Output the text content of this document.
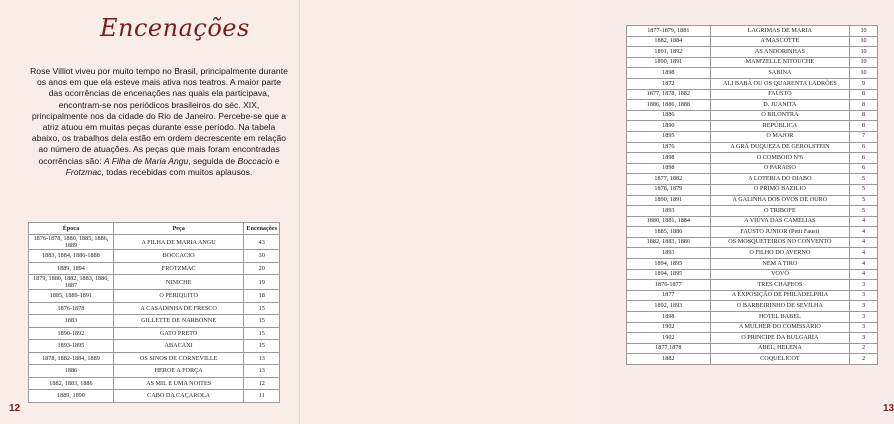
Encenações
Rose Villiot viveu por muito tempo no Brasil, principalmente durante os anos em que ela esteve mais ativa nos teatros. A maior parte das ocorrências de encenações nas quais ela participava, encontram-se nos periódicos brasileiros do séc. XIX, principalmente nos da cidade do Rio de Janeiro. Percebe-se que a atriz atuou em muitas peças durante esse período. Na tabela abaixo, os trabalhos dela estão em ordem decrescente em relação ao número de atuações. As peças que mais foram encontradas ocorrências são: A Filha de Maria Angu, seguida de Boccacio e Frotzmac, todas recebidas com muitos aplausos.
Época	Peça	Encenações
1876-1878, 1880, 1885, 1886, 1889	A FILHA DE MARIA ANGU	43
1883, 1884, 1886-1888	BOCCACIO	30
1889, 1894	FROTZMAC	20
1879, 1880, 1882, 1883, 1886, 1887	NINICHE	19
1885, 1889-1891	O PERIQUITO	18
1876-1878	A CASADINHA DE FRESCO	15
1883	GILLETTE DE NARBONNE	15
1890-1892	GATO PRETO	15
1893-1895	ABACAXI	15
1878, 1882-1884, 1889	OS SINOS DE CORNEVILLE	13
1886	HEROE A FORÇA	13
1882, 1883, 1886	AS MIL E UMA NOITES	12
1889, 1890	CABO DA CAÇAROLA	11
12
1877-1879, 1881	LAGRIMAS DE MARIA	10
1882, 1884	A MASCOTTE	10
1891, 1892	AS ANDORINHAS	10
1890, 1891	MAM'ZELLE NITOUCHE	10
1898	SABINA	10
1872	ALI BABÁ OU OS QUARENTA LADRÕES	9
1877, 1878, 1882	FAUSTO	8
1886, 1886, 1888	D. JUANITA	8
1886	O BILONTRA	8
1890	REPÚBLICA	8
1895	O MAJOR	7
1876	A GRÃ DUQUEZA DE GEROLSTEIN	6
1898	O COMBOIO Nº6	6
1898	O PARAISO	6
1877, 1882	A LOTERIA DO DIABO	5
1878, 1879	O PRIMO BAZILIO	5
1890, 1891	A GALINHA DOS OVOS DE OURO	5
1893	O TRIBOFE	5
1880, 1881, 1884	A VIÚVA DAS CAMELIAS	4
1885, 1886	FAUSTO JUNIOR (Petit Faust)	4
1882, 1883, 1886	OS MOSQUETEIROS NO CONVENTO	4
1893	O FILHO DO AVERNO	4
1894, 1895	NEM A TIRO	4
1894, 1895	VOVÓ	4
1876-1877	TRES CHAPEOS	3
1877	A EXPOSIÇÃO DE PHILADELPHIA	3
1892, 1893	O BARBEIRINHO DE SEVILHA	3
1898	HOTEL BABEL	3
1902	A MULHER DO COMISSÁRIO	3
1902	O PRINCIPE DA BULGARIA	3
1877,1878	ABEL, HELENA	2
1882	COQUELICOT	2
13
